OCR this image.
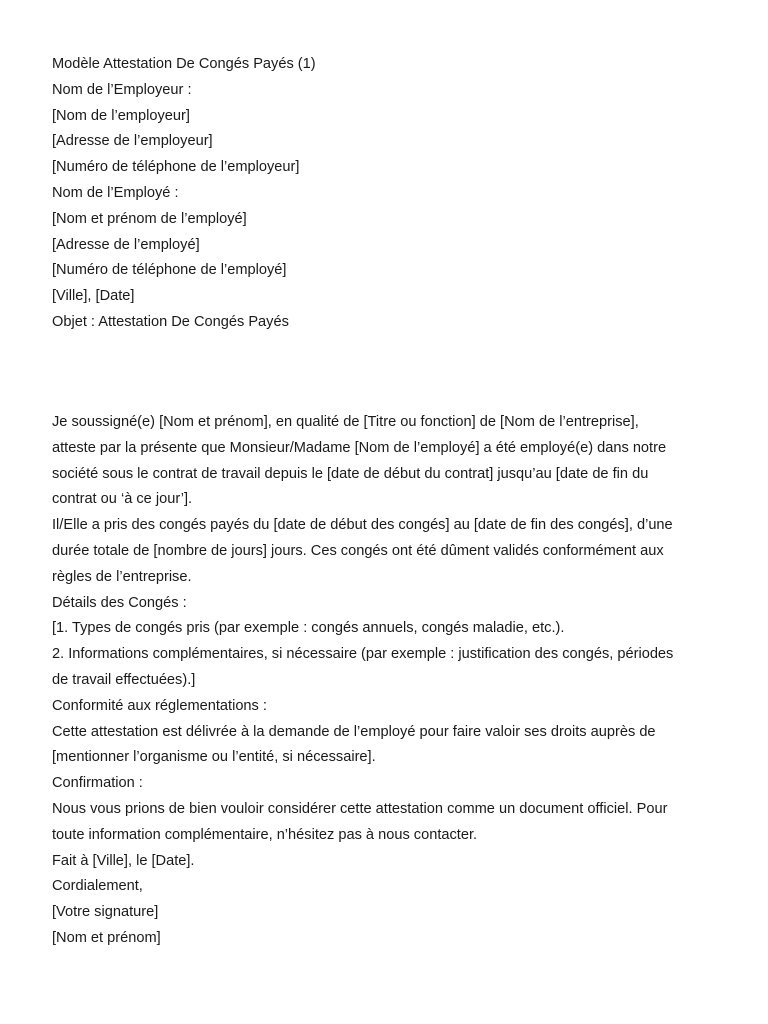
Modèle Attestation De Congés Payés (1)

Nom de l’Employeur :

[Nom de l’employeur]

[Adresse de l’employeur]

[Numéro de téléphone de l’employeur]

Nom de l’Employé :

[Nom et prénom de l’employé]

[Adresse de l’employé]

[Numéro de téléphone de l’employé]

[Ville], [Date]

Objet : Attestation De Congés Payés

Je soussigné(e) [Nom et prénom], en qualité de [Titre ou fonction] de [Nom de l’entreprise],

atteste par la présente que Monsieur/Madame [Nom de l’employé] a été employé(e) dans notre

société sous le contrat de travail depuis le [date de début du contrat] jusqu’au [date de fin du

contrat ou ‘à ce jour’].

Il/Elle a pris des congés payés du [date de début des congés] au [date de fin des congés], d’une

durée totale de [nombre de jours] jours. Ces congés ont été dûment validés conformément aux

règles de l’entreprise.

Détails des Congés :

[1. Types de congés pris (par exemple : congés annuels, congés maladie, etc.).

2. Informations complémentaires, si nécessaire (par exemple : justification des congés, périodes

de travail effectuées).]

Conformité aux réglementations :

Cette attestation est délivrée à la demande de l’employé pour faire valoir ses droits auprès de

[mentionner l’organisme ou l’entité, si nécessaire].

Confirmation :

Nous vous prions de bien vouloir considérer cette attestation comme un document officiel. Pour

toute information complémentaire, n’hésitez pas à nous contacter.

Fait à [Ville], le [Date].

Cordialement,

[Votre signature]

[Nom et prénom]
